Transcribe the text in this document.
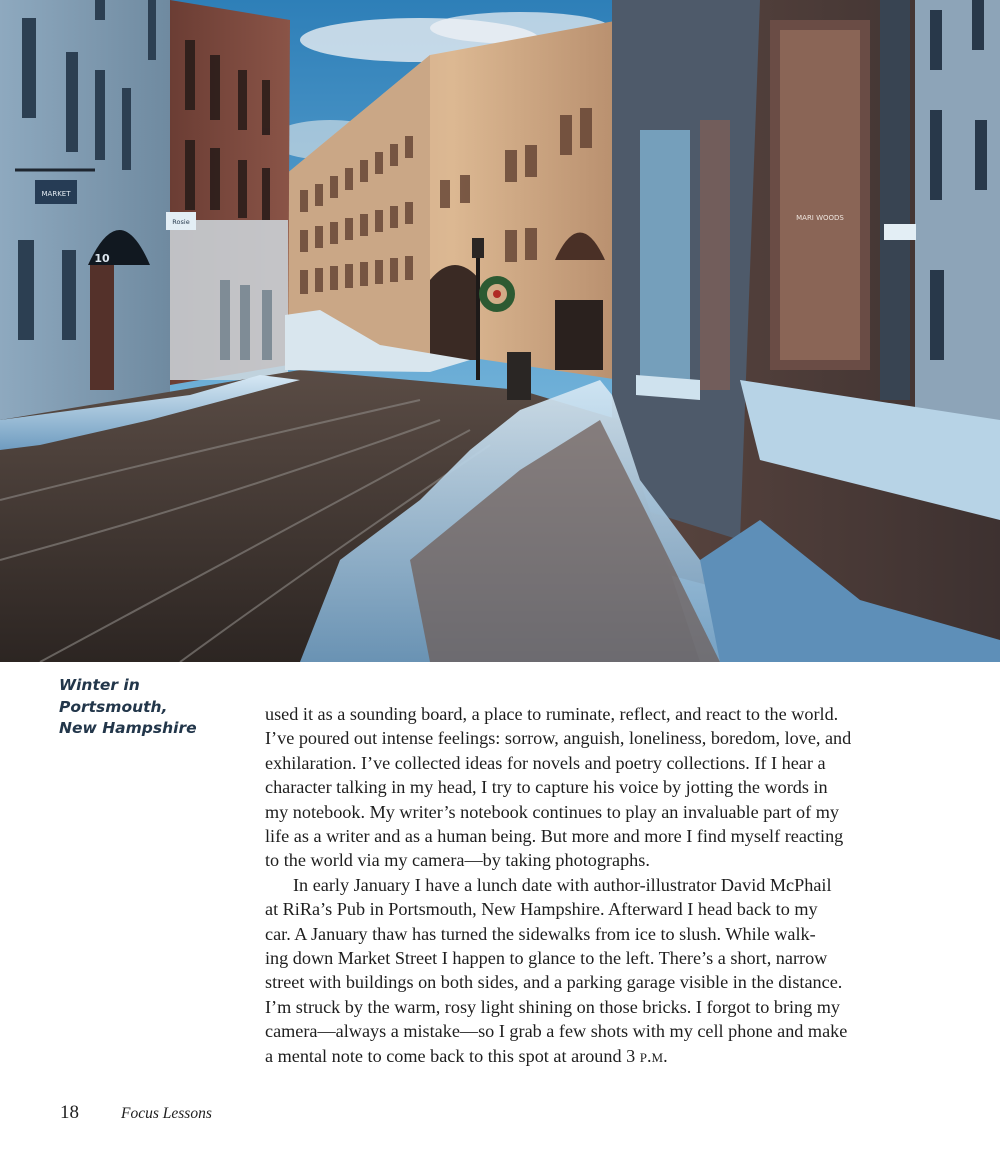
10
MARKET
Rosie	MARI WOODS
Winter in
Portsmouth,
New Hampshire
used it as a sounding board, a place to ruminate, reflect, and react to the world.
I’ve poured out intense feelings: sorrow, anguish, loneliness, boredom, love, and
exhilaration. I’ve collected ideas for novels and poetry collections. If I hear a
character talking in my head, I try to capture his voice by jotting the words in
my notebook. My writer’s notebook continues to play an invaluable part of my
life as a writer and as a human being. But more and more I find myself reacting
to the world via my camera—by taking photographs.
In early January I have a lunch date with author-illustrator David McPhail
at RiRa’s Pub in Portsmouth, New Hampshire. Afterward I head back to my
car. A January thaw has turned the sidewalks from ice to slush. While walk-
ing down Market Street I happen to glance to the left. There’s a short, narrow
street with buildings on both sides, and a parking garage visible in the distance.
I’m struck by the warm, rosy light shining on those bricks. I forgot to bring my
camera—always a mistake—so I grab a few shots with my cell phone and make
a mental note to come back to this spot at around 3 p.m.
18	Focus Lessons
